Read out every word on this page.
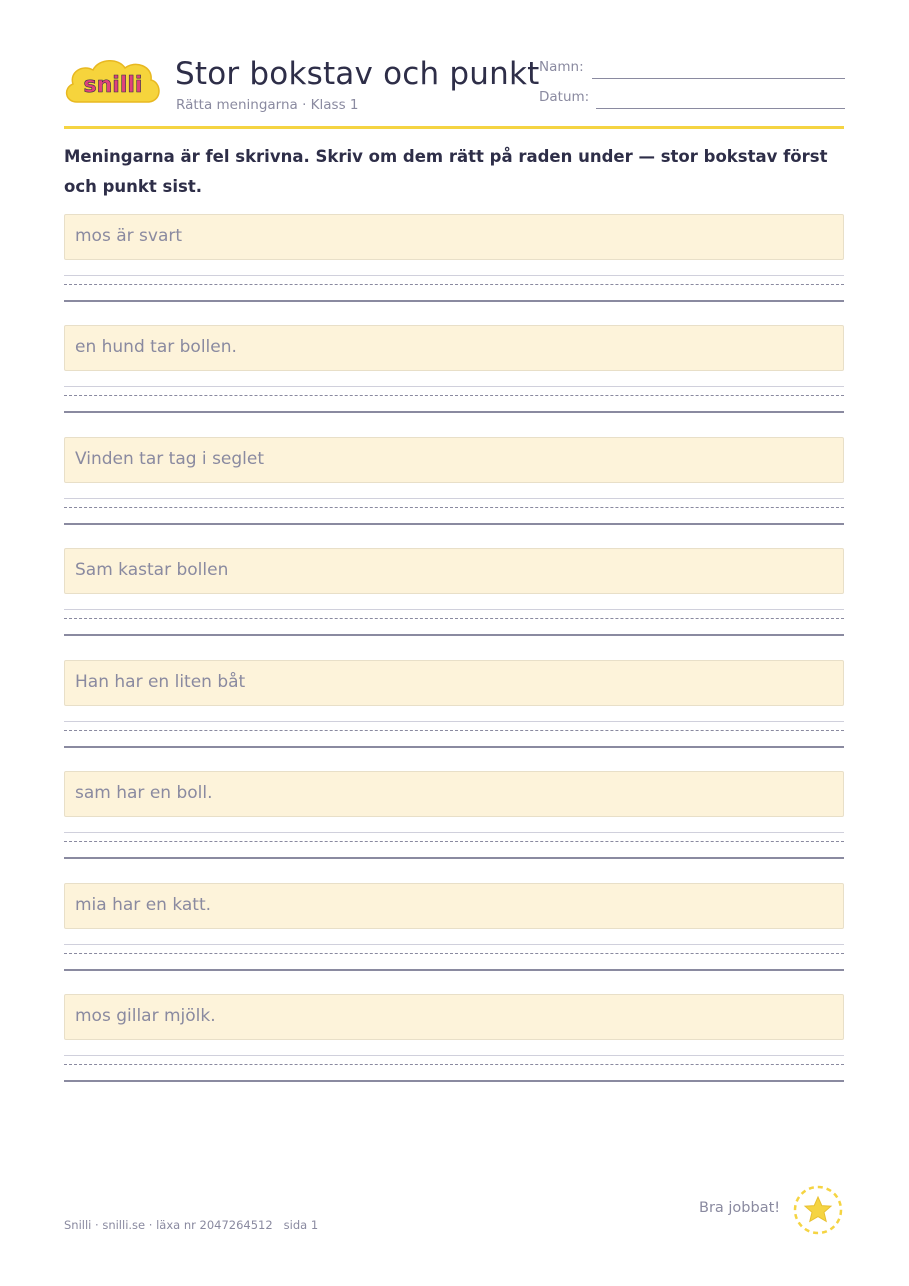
snilli Stor bokstav och punkt
Rätta meningarna · Klass 1
Namn:
Datum:
Meningarna är fel skrivna. Skriv om dem rätt på raden under — stor bokstav först och punkt sist.
mos är svart
en hund tar bollen.
Vinden tar tag i seglet
Sam kastar bollen
Han har en liten båt
sam har en boll.
mia har en katt.
mos gillar mjölk.
Snilli · snilli.se · läxa nr 2047264512 sida 1
Bra jobbat!
